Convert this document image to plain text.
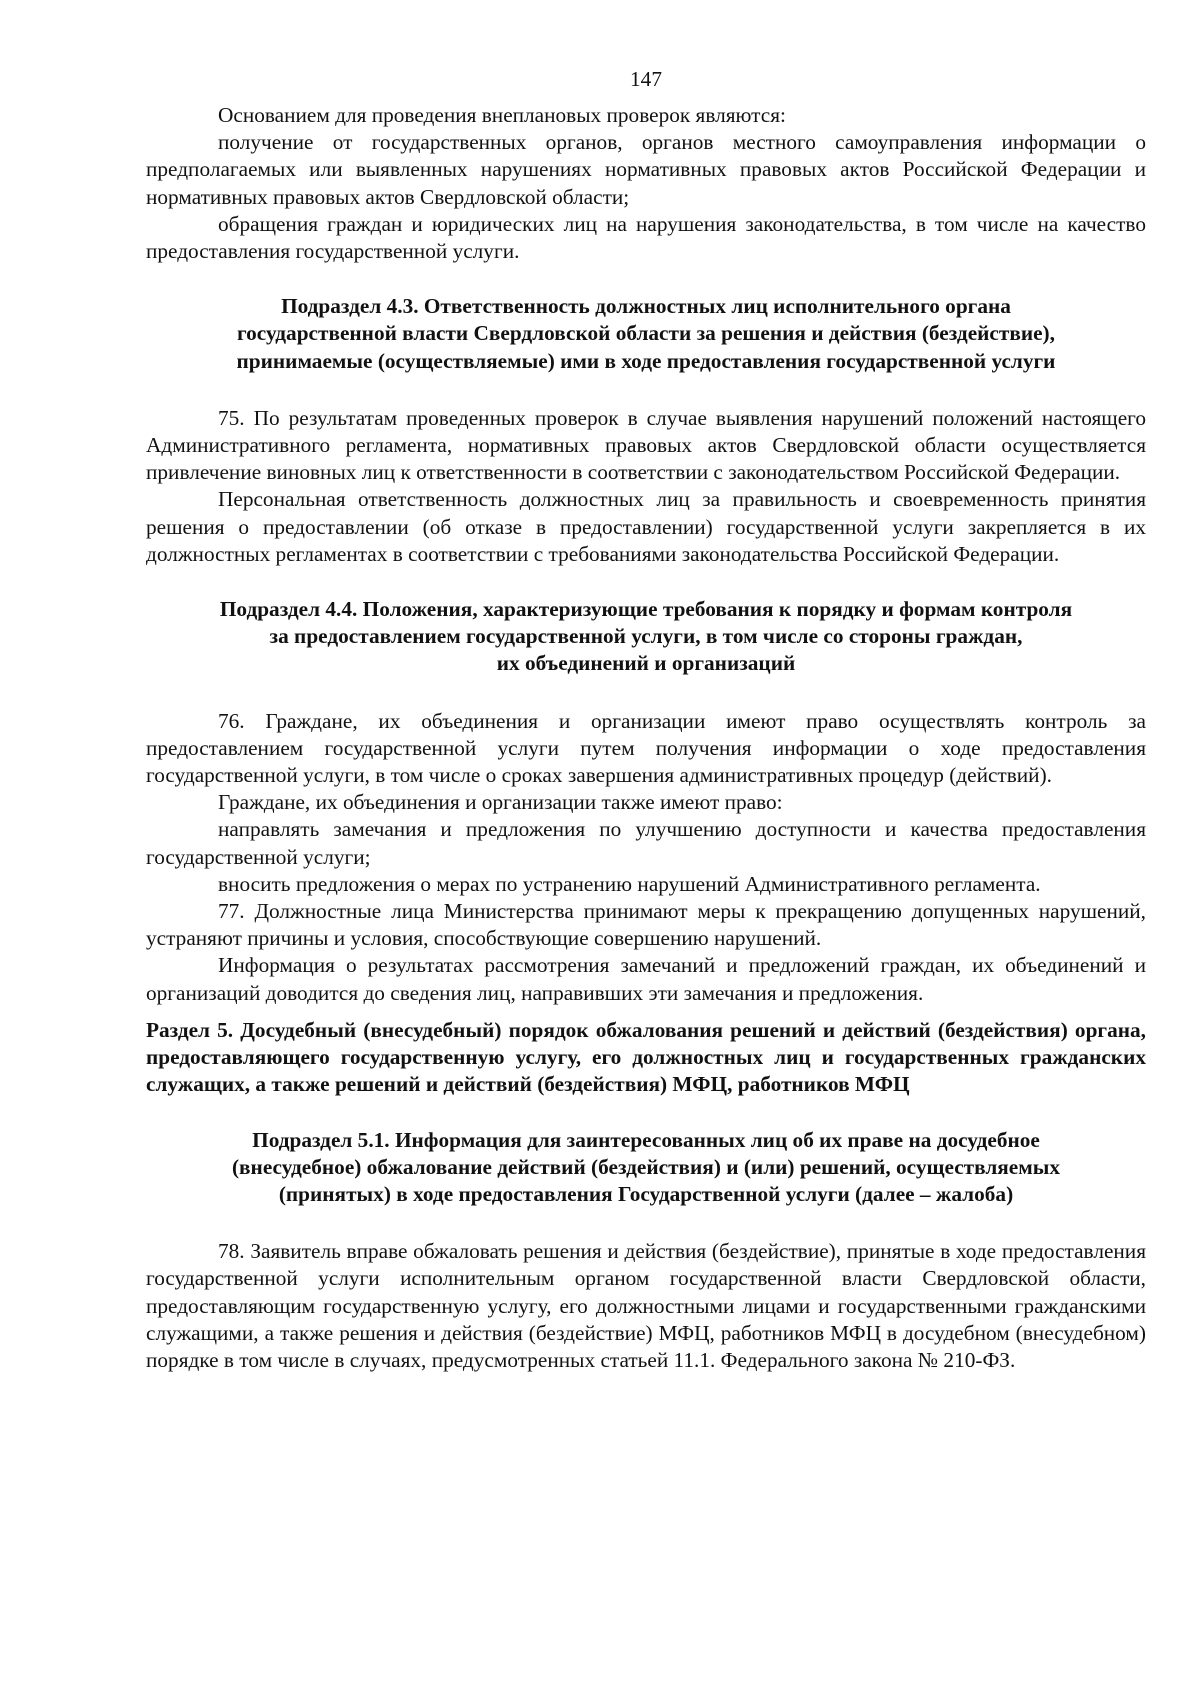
147

Основанием для проведения внеплановых проверок являются:

получение от государственных органов, органов местного самоуправления информации о предполагаемых или выявленных нарушениях нормативных правовых актов Российской Федерации и нормативных правовых актов Свердловской области;

обращения граждан и юридических лиц на нарушения законодательства, в том числе на качество предоставления государственной услуги.

Подраздел 4.3. Ответственность должностных лиц исполнительного органа
государственной власти Свердловской области за решения и действия (бездействие),
принимаемые (осуществляемые) ими в ходе предоставления государственной услуги

75. По результатам проведенных проверок в случае выявления нарушений положений настоящего Административного регламента, нормативных правовых актов Свердловской области осуществляется привлечение виновных лиц к ответственности в соответствии с законодательством Российской Федерации.

Персональная ответственность должностных лиц за правильность и своевременность принятия решения о предоставлении (об отказе в предоставлении) государственной услуги закрепляется в их должностных регламентах в соответствии с требованиями законодательства Российской Федерации.

Подраздел 4.4. Положения, характеризующие требования к порядку и формам контроля
за предоставлением государственной услуги, в том числе со стороны граждан,
их объединений и организаций

76. Граждане, их объединения и организации имеют право осуществлять контроль за предоставлением государственной услуги путем получения информации о ходе предоставления государственной услуги, в том числе о сроках завершения административных процедур (действий).

Граждане, их объединения и организации также имеют право:

направлять замечания и предложения по улучшению доступности и качества предоставления государственной услуги;

вносить предложения о мерах по устранению нарушений Административного регламента.

77. Должностные лица Министерства принимают меры к прекращению допущенных нарушений, устраняют причины и условия, способствующие совершению нарушений.

Информация о результатах рассмотрения замечаний и предложений граждан, их объединений и организаций доводится до сведения лиц, направивших эти замечания и предложения.

Раздел 5. Досудебный (внесудебный) порядок обжалования решений и действий (бездействия) органа, предоставляющего государственную услугу, его должностных лиц и государственных гражданских служащих, а также решений и действий (бездействия) МФЦ, работников МФЦ
Подраздел 5.1. Информация для заинтересованных лиц об их праве на досудебное
(внесудебное) обжалование действий (бездействия) и (или) решений, осуществляемых
(принятых) в ходе предоставления Государственной услуги (далее – жалоба)

78. Заявитель вправе обжаловать решения и действия (бездействие), принятые в ходе предоставления государственной услуги исполнительным органом государственной власти Свердловской области, предоставляющим государственную услугу, его должностными лицами и государственными гражданскими служащими, а также решения и действия (бездействие) МФЦ, работников МФЦ в досудебном (внесудебном) порядке в том числе в случаях, предусмотренных статьей 11.1. Федерального закона № 210-ФЗ.
